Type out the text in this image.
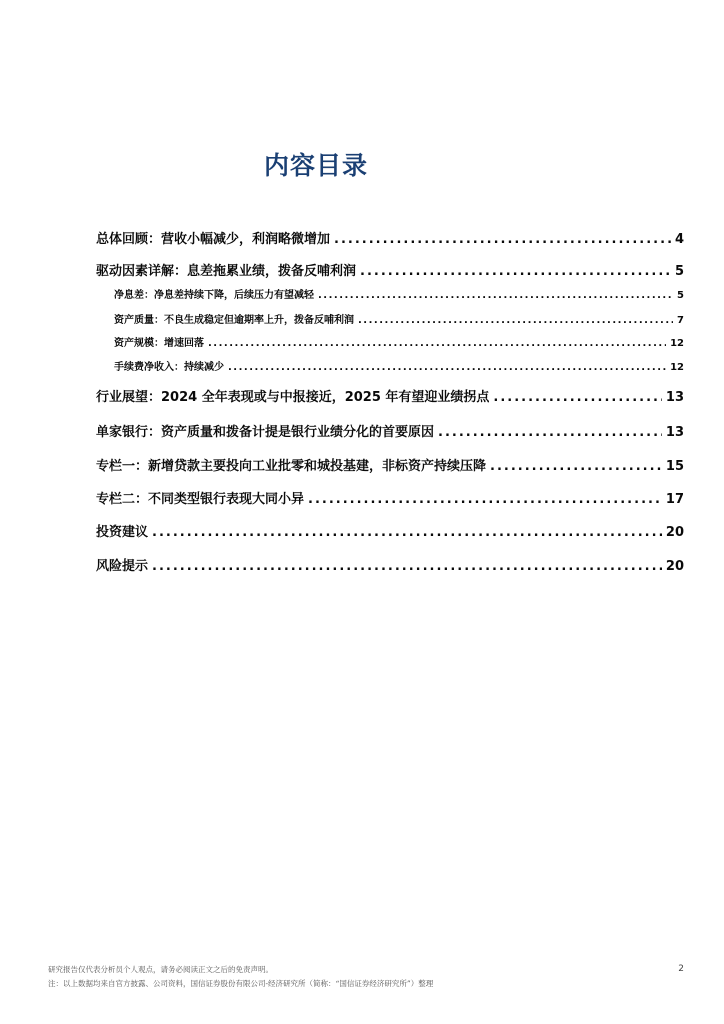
内容目录
总体回顾：营收小幅减少，利润略微增加 .....	4
驱动因素详解：息差拖累业绩，拨备反哺利润 .....	5
净息差：净息差持续下降，后续压力有望减轻 .....	5
资产质量：不良生成稳定但逾期率上升，拨备反哺利润 .....	7
资产规模：增速回落 .....	12
手续费净收入：持续减少 .....	12
行业展望：2024 全年表现或与中报接近，2025 年有望迎业绩拐点 .....	13
单家银行：资产质量和拨备计提是银行业绩分化的首要原因 .....	13
专栏一：新增贷款主要投向工业批零和城投基建，非标资产持续压降 .....	15
专栏二：不同类型银行表现大同小异 .....	17
投资建议 .....	20
风险提示 .....	20
研究报告仅代表分析员个人观点，请务必阅读正文之后的免责声明。
注：以上数据均来自官方披露、公司资料，国信证券股份有限公司-经济研究所（简称：“国信证券经济研究所”）整理
2
